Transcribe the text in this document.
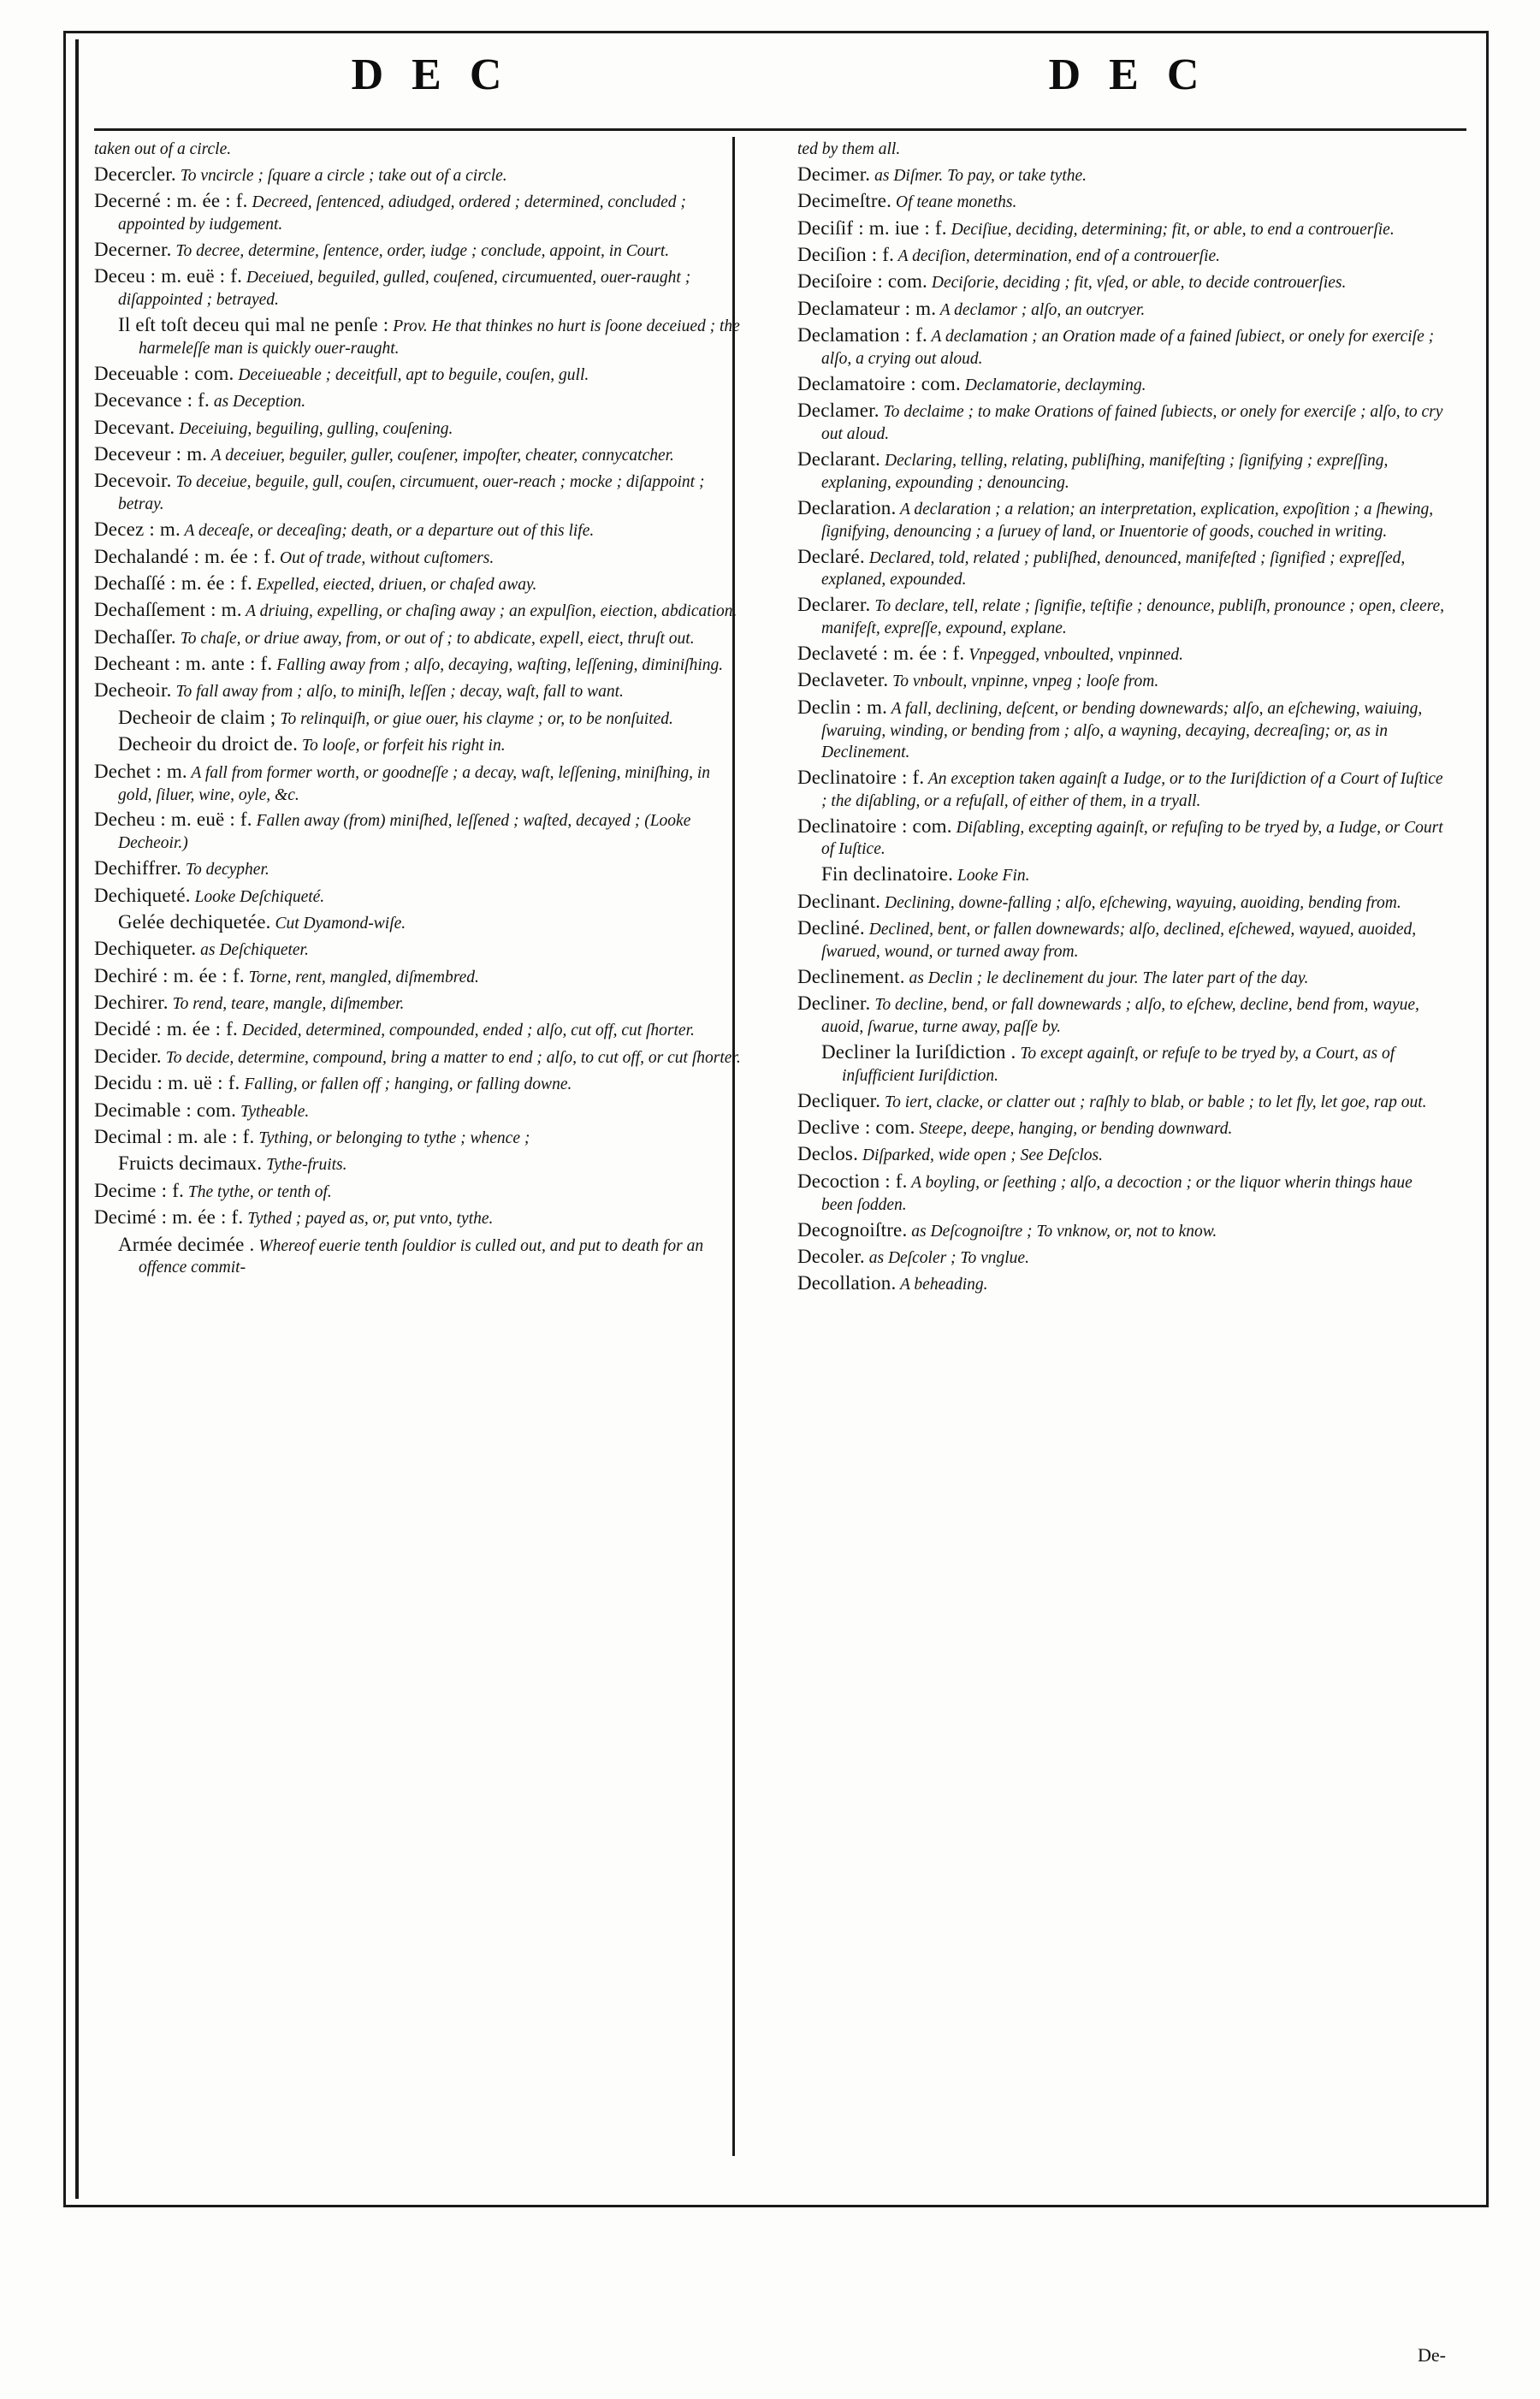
D E C	D E C

taken out of a circle.

Decercler. To vncircle ; ſquare a circle ; take out of a circle.

Decerné : m. ée : f. Decreed, ſentenced, adiudged, ordered ; determined, concluded ; appointed by iudgement.

Decerner. To decree, determine, ſentence, order, iudge ; conclude, appoint, in Court.

Deceu : m. euë : f. Deceiued, beguiled, gulled, couſened, circumuented, ouer-raught ; diſappointed ; betrayed.

Il eſt toſt deceu qui mal ne penſe : Prov. He that thinkes no hurt is ſoone deceiued ; the harmeleſſe man is quickly ouer-raught.

Deceuable : com. Deceiueable ; deceitfull, apt to beguile, couſen, gull.

Decevance : f. as Deception.

Decevant. Deceiuing, beguiling, gulling, couſening.

Deceveur : m. A deceiuer, beguiler, guller, couſener, impoſter, cheater, connycatcher.

Decevoir. To deceiue, beguile, gull, couſen, circumuent, ouer-reach ; mocke ; diſappoint ; betray.

Decez : m. A deceaſe, or deceaſing; death, or a departure out of this life.

Dechalandé : m. ée : f. Out of trade, without cuſtomers.

Dechaſſé : m. ée : f. Expelled, eiected, driuen, or chaſed away.

Dechaſſement : m. A driuing, expelling, or chaſing away ; an expulſion, eiection, abdication.

Dechaſſer. To chaſe, or driue away, from, or out of ; to abdicate, expell, eiect, thruſt out.

Decheant : m. ante : f. Falling away from ; alſo, decaying, waſting, leſſening, diminiſhing.

Decheoir. To fall away from ; alſo, to miniſh, leſſen ; decay, waſt, fall to want.

Decheoir de claim ; To relinquiſh, or giue ouer, his clayme ; or, to be nonſuited.

Decheoir du droict de. To looſe, or forfeit his right in.

Dechet : m. A fall from former worth, or goodneſſe ; a decay, waſt, leſſening, miniſhing, in gold, ſiluer, wine, oyle, &c.

Decheu : m. euë : f. Fallen away (from) miniſhed, leſſened ; waſted, decayed ; (Looke Decheoir.)

Dechiffrer. To decypher.

Dechiqueté. Looke Deſchiqueté.

Gelée dechiquetée. Cut Dyamond-wiſe.

Dechiqueter. as Deſchiqueter.

Dechiré : m. ée : f. Torne, rent, mangled, diſmembred.

Dechirer. To rend, teare, mangle, diſmember.

Decidé : m. ée : f. Decided, determined, compounded, ended ; alſo, cut off, cut ſhorter.

Decider. To decide, determine, compound, bring a matter to end ; alſo, to cut off, or cut ſhorter.

Decidu : m. uë : f. Falling, or fallen off ; hanging, or falling downe.

Decimable : com. Tytheable.

Decimal : m. ale : f. Tything, or belonging to tythe ; whence ;

Fruicts decimaux. Tythe-fruits.

Decime : f. The tythe, or tenth of.

Decimé : m. ée : f. Tythed ; payed as, or, put vnto, tythe.

Armée decimée . Whereof euerie tenth ſouldior is culled out, and put to death for an offence commit-

ted by them all.

Decimer. as Diſmer. To pay, or take tythe.

Decimeſtre. Of teane moneths.

Deciſif : m. iue : f. Deciſiue, deciding, determining; fit, or able, to end a controuerſie.

Deciſion : f. A deciſion, determination, end of a controuerſie.

Deciſoire : com. Deciſorie, deciding ; fit, vſed, or able, to decide controuerſies.

Declamateur : m. A declamor ; alſo, an outcryer.

Declamation : f. A declamation ; an Oration made of a fained ſubiect, or onely for exerciſe ; alſo, a crying out aloud.

Declamatoire : com. Declamatorie, declayming.

Declamer. To declaime ; to make Orations of fained ſubiects, or onely for exerciſe ; alſo, to cry out aloud.

Declarant. Declaring, telling, relating, publiſhing, manifeſting ; ſignifying ; expreſſing, explaning, expounding ; denouncing.

Declaration. A declaration ; a relation; an interpretation, explication, expoſition ; a ſhewing, ſignifying, denouncing ; a ſuruey of land, or Inuentorie of goods, couched in writing.

Declaré. Declared, told, related ; publiſhed, denounced, manifeſted ; ſignified ; expreſſed, explaned, expounded.

Declarer. To declare, tell, relate ; ſignifie, teſtifie ; denounce, publiſh, pronounce ; open, cleere, manifeſt, expreſſe, expound, explane.

Declaveté : m. ée : f. Vnpegged, vnboulted, vnpinned.

Declaveter. To vnboult, vnpinne, vnpeg ; looſe from.

Declin : m. A fall, declining, deſcent, or bending downewards; alſo, an eſchewing, waiuing, ſwaruing, winding, or bending from ; alſo, a wayning, decaying, decreaſing; or, as in Declinement.

Declinatoire : f. An exception taken againſt a Iudge, or to the Iuriſdiction of a Court of Iuſtice ; the diſabling, or a refuſall, of either of them, in a tryall.

Declinatoire : com. Diſabling, excepting againſt, or refuſing to be tryed by, a Iudge, or Court of Iuſtice.

Fin declinatoire. Looke Fin.

Declinant. Declining, downe-falling ; alſo, eſchewing, wayuing, auoiding, bending from.

Decliné. Declined, bent, or fallen downewards; alſo, declined, eſchewed, wayued, auoided, ſwarued, wound, or turned away from.

Declinement. as Declin ; le declinement du jour. The later part of the day.

Decliner. To decline, bend, or fall downewards ; alſo, to eſchew, decline, bend from, wayue, auoid, ſwarue, turne away, paſſe by.

Decliner la Iuriſdiction . To except againſt, or refuſe to be tryed by, a Court, as of inſufficient Iuriſdiction.

Decliquer. To iert, clacke, or clatter out ; raſhly to blab, or bable ; to let fly, let goe, rap out.

Declive : com. Steepe, deepe, hanging, or bending downward.

Declos. Diſparked, wide open ; See Deſclos.

Decoction : f. A boyling, or ſeething ; alſo, a decoction ; or the liquor wherin things haue been ſodden.

Decognoiſtre. as Deſcognoiſtre ; To vnknow, or, not to know.

Decoler. as Deſcoler ; To vnglue.

Decollation. A beheading.

De-
